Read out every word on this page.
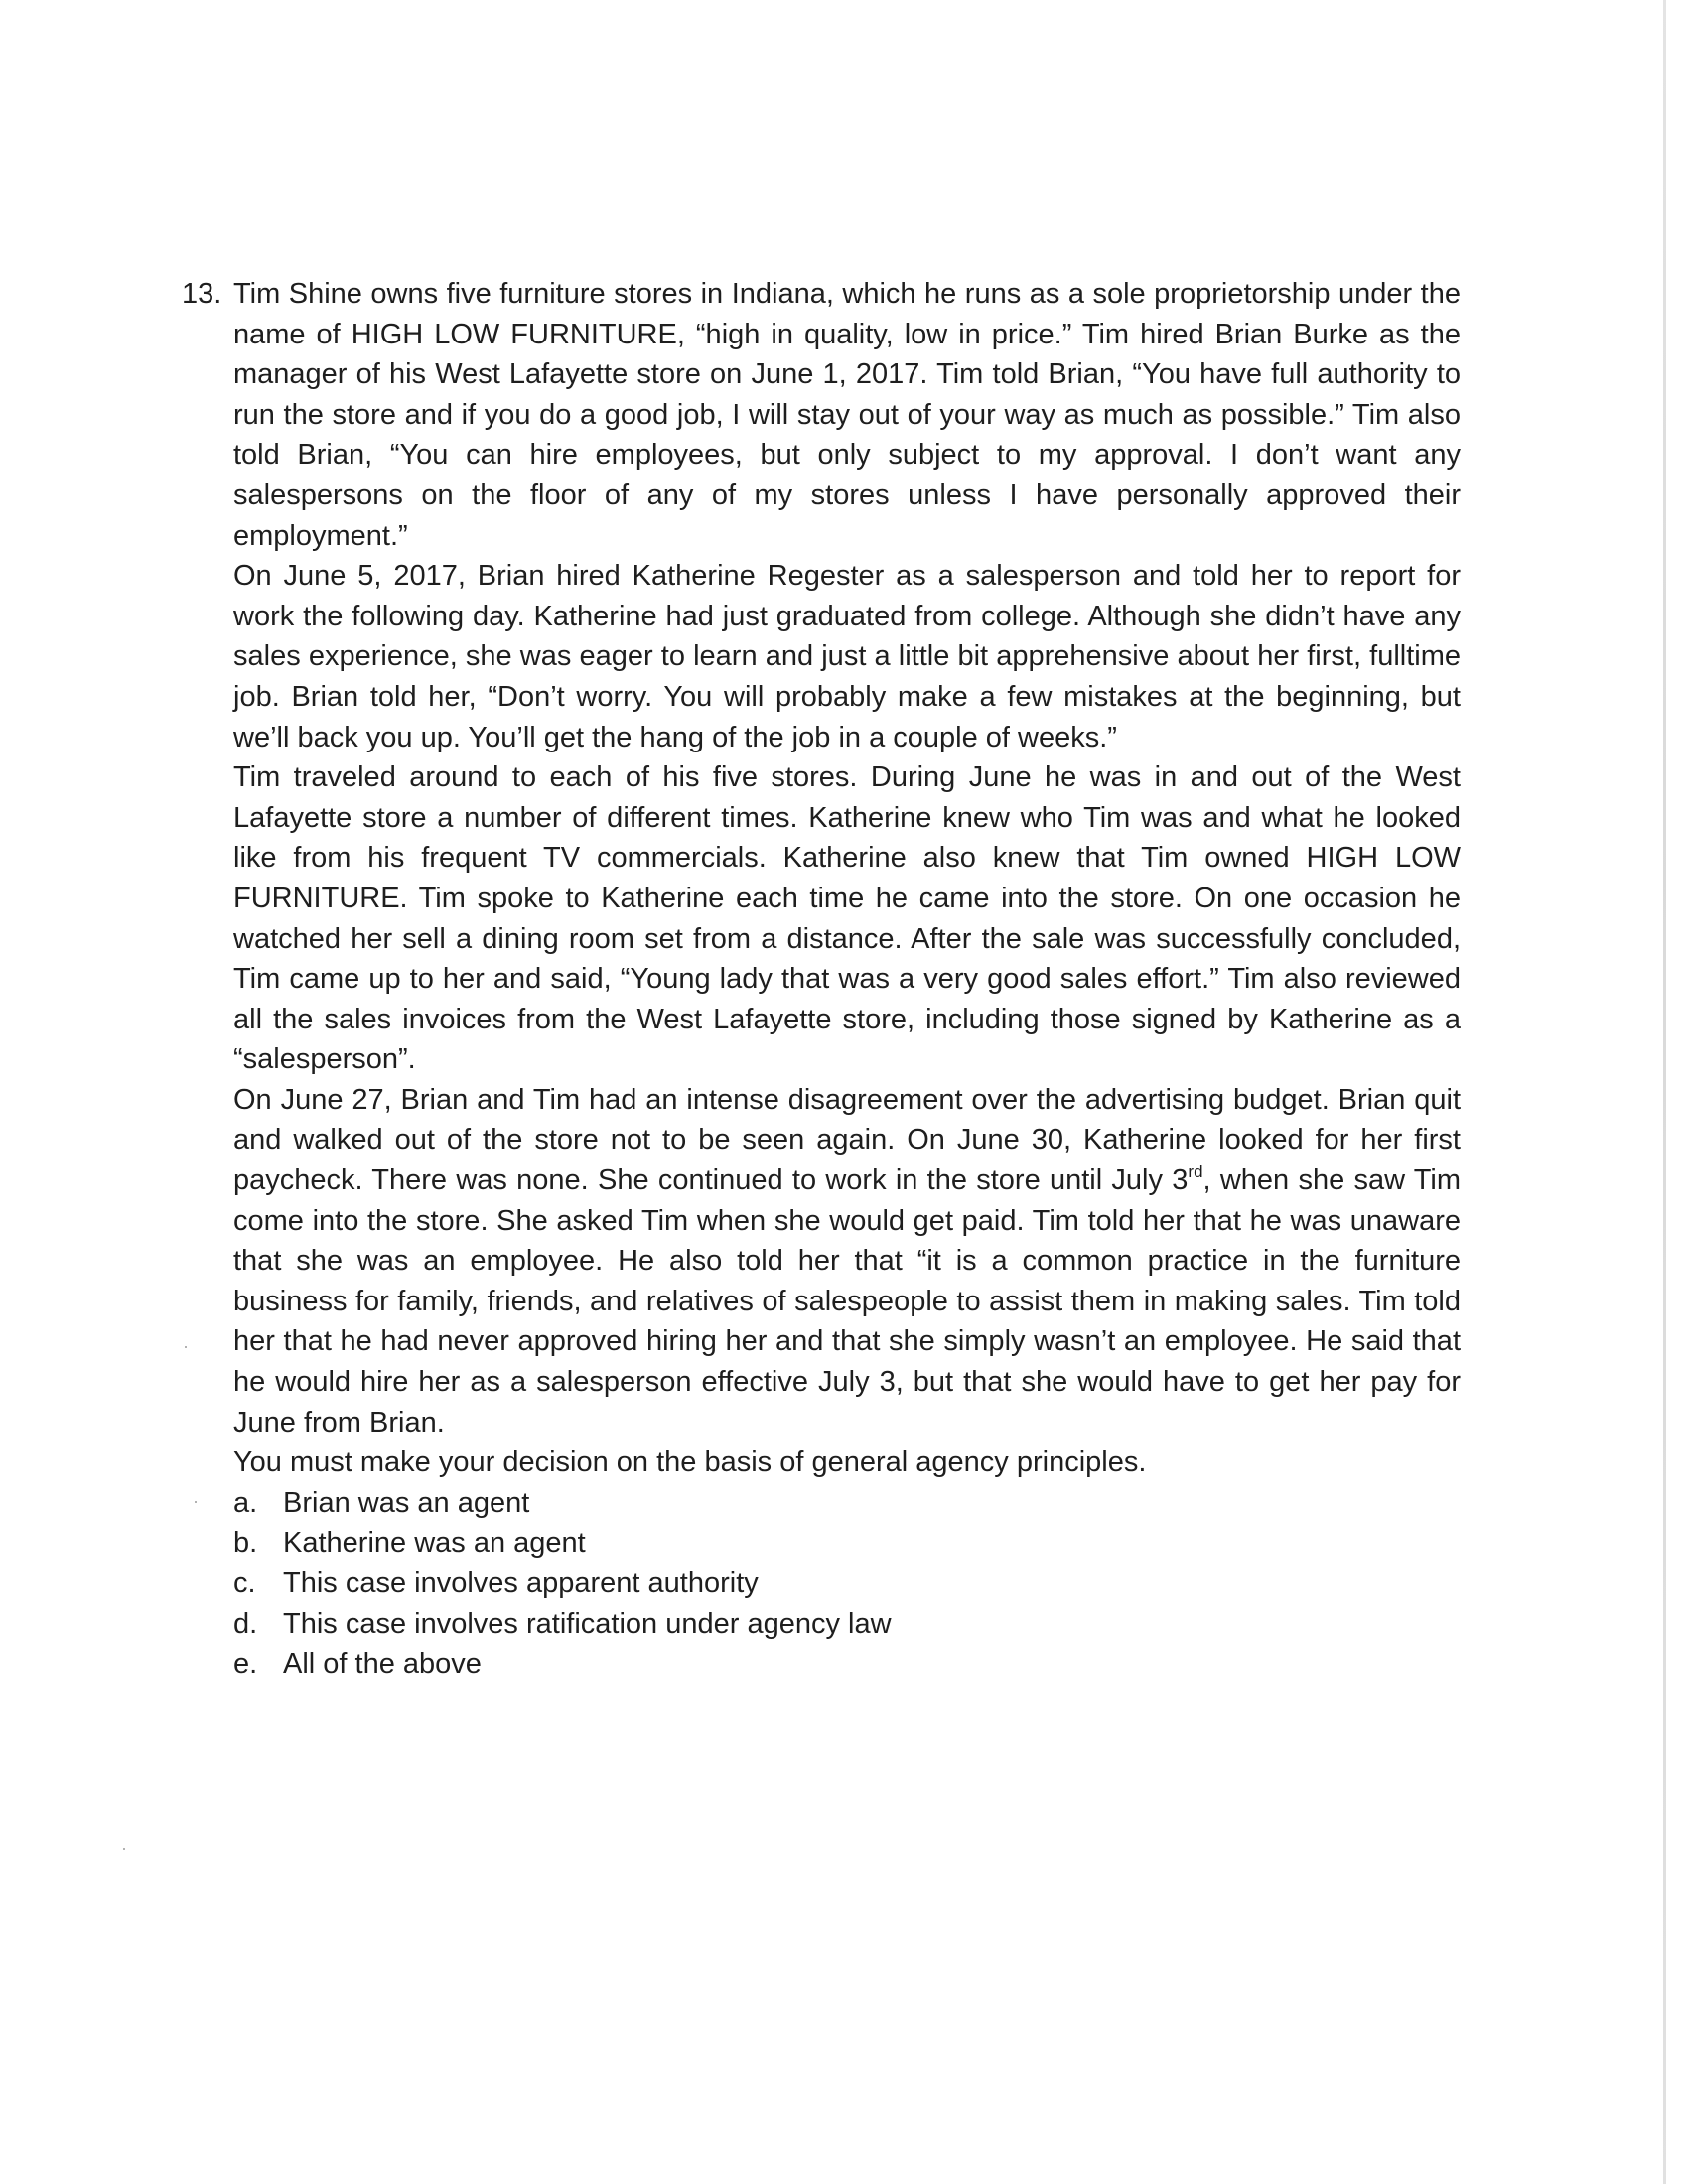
13. Tim Shine owns five furniture stores in Indiana, which he runs as a sole proprietorship under the name of HIGH LOW FURNITURE, “high in quality, low in price.” Tim hired Brian Burke as the manager of his West Lafayette store on June 1, 2017. Tim told Brian, “You have full authority to run the store and if you do a good job, I will stay out of your way as much as possible.” Tim also told Brian, “You can hire employees, but only subject to my approval. I don’t want any salespersons on the floor of any of my stores unless I have personally approved their employment.”

On June 5, 2017, Brian hired Katherine Regester as a salesperson and told her to report for work the following day. Katherine had just graduated from college. Although she didn’t have any sales experience, she was eager to learn and just a little bit apprehensive about her first, fulltime job. Brian told her, “Don’t worry. You will probably make a few mistakes at the beginning, but we’ll back you up. You’ll get the hang of the job in a couple of weeks.”

Tim traveled around to each of his five stores. During June he was in and out of the West Lafayette store a number of different times. Katherine knew who Tim was and what he looked like from his frequent TV commercials. Katherine also knew that Tim owned HIGH LOW FURNITURE. Tim spoke to Katherine each time he came into the store. On one occasion he watched her sell a dining room set from a distance. After the sale was successfully concluded, Tim came up to her and said, “Young lady that was a very good sales effort.” Tim also reviewed all the sales invoices from the West Lafayette store, including those signed by Katherine as a “salesperson”.

On June 27, Brian and Tim had an intense disagreement over the advertising budget. Brian quit and walked out of the store not to be seen again. On June 30, Katherine looked for her first paycheck. There was none. She continued to work in the store until July 3rd, when she saw Tim come into the store. She asked Tim when she would get paid. Tim told her that he was unaware that she was an employee. He also told her that “it is a common practice in the furniture business for family, friends, and relatives of salespeople to assist them in making sales. Tim told her that he had never approved hiring her and that she simply wasn’t an employee. He said that he would hire her as a salesperson effective July 3, but that she would have to get her pay for June from Brian.

You must make your decision on the basis of general agency principles.

a. Brian was an agent
b. Katherine was an agent
c. This case involves apparent authority
d. This case involves ratification under agency law
e. All of the above
